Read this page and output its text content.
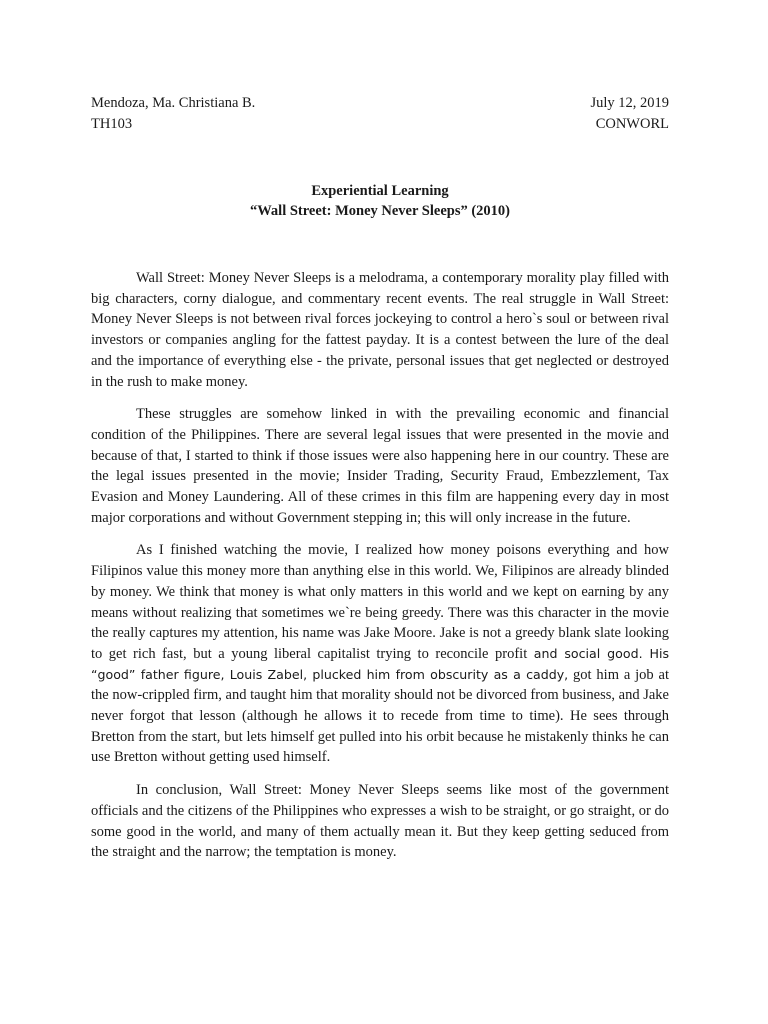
Mendoza, Ma. Christiana B.	July 12, 2019
TH103	CONWORL
Experiential Learning
“Wall Street: Money Never Sleeps” (2010)

Wall Street: Money Never Sleeps is a melodrama, a contemporary morality play filled with big characters, corny dialogue, and commentary recent events. The real struggle in Wall Street: Money Never Sleeps is not between rival forces jockeying to control a hero`s soul or between rival investors or companies angling for the fattest payday. It is a contest between the lure of the deal and the importance of everything else - the private, personal issues that get neglected or destroyed in the rush to make money.

These struggles are somehow linked in with the prevailing economic and financial condition of the Philippines. There are several legal issues that were presented in the movie and because of that, I started to think if those issues were also happening here in our country. These are the legal issues presented in the movie; Insider Trading, Security Fraud, Embezzlement, Tax Evasion and Money Laundering. All of these crimes in this film are happening every day in most major corporations and without Government stepping in; this will only increase in the future.

As I finished watching the movie, I realized how money poisons everything and how Filipinos value this money more than anything else in this world. We, Filipinos are already blinded by money. We think that money is what only matters in this world and we kept on earning by any means without realizing that sometimes we`re being greedy. There was this character in the movie the really captures my attention, his name was Jake Moore. Jake is not a greedy blank slate looking to get rich fast, but a young liberal capitalist trying to reconcile profit and social good. His “good” father figure, Louis Zabel, plucked him from obscurity as a caddy, got him a job at the now-crippled firm, and taught him that morality should not be divorced from business, and Jake never forgot that lesson (although he allows it to recede from time to time). He sees through Bretton from the start, but lets himself get pulled into his orbit because he mistakenly thinks he can use Bretton without getting used himself.

In conclusion, Wall Street: Money Never Sleeps seems like most of the government officials and the citizens of the Philippines who expresses a wish to be straight, or go straight, or do some good in the world, and many of them actually mean it. But they keep getting seduced from the straight and the narrow; the temptation is money.
